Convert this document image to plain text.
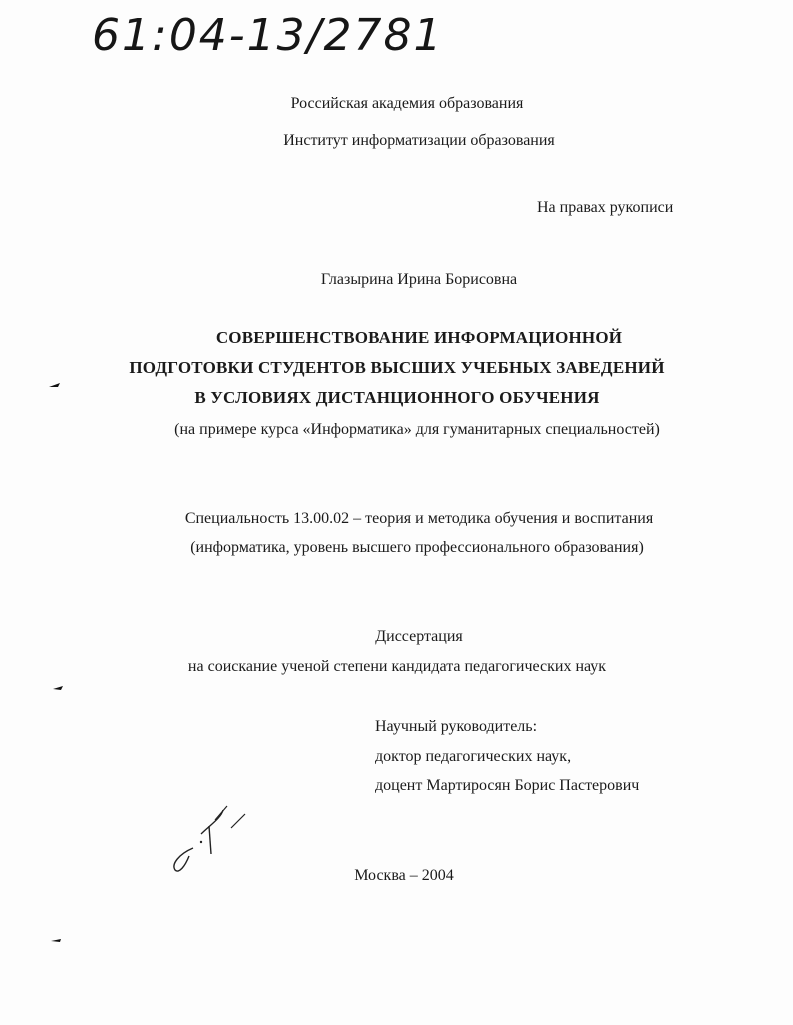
61:04-13/2781
Российская академия образования
Институт информатизации образования
На правах рукописи
Глазырина Ирина Борисовна
СОВЕРШЕНСТВОВАНИЕ ИНФОРМАЦИОННОЙ
ПОДГОТОВКИ СТУДЕНТОВ ВЫСШИХ УЧЕБНЫХ ЗАВЕДЕНИЙ
В УСЛОВИЯХ ДИСТАНЦИОННОГО ОБУЧЕНИЯ
(на примере курса «Информатика» для гуманитарных специальностей)
Специальность 13.00.02 – теория и методика обучения и воспитания
(информатика, уровень высшего профессионального образования)
Диссертация
на соискание ученой степени кандидата педагогических наук
Научный руководитель:
доктор педагогических наук,
доцент Мартиросян Борис Пастерович
Москва – 2004
